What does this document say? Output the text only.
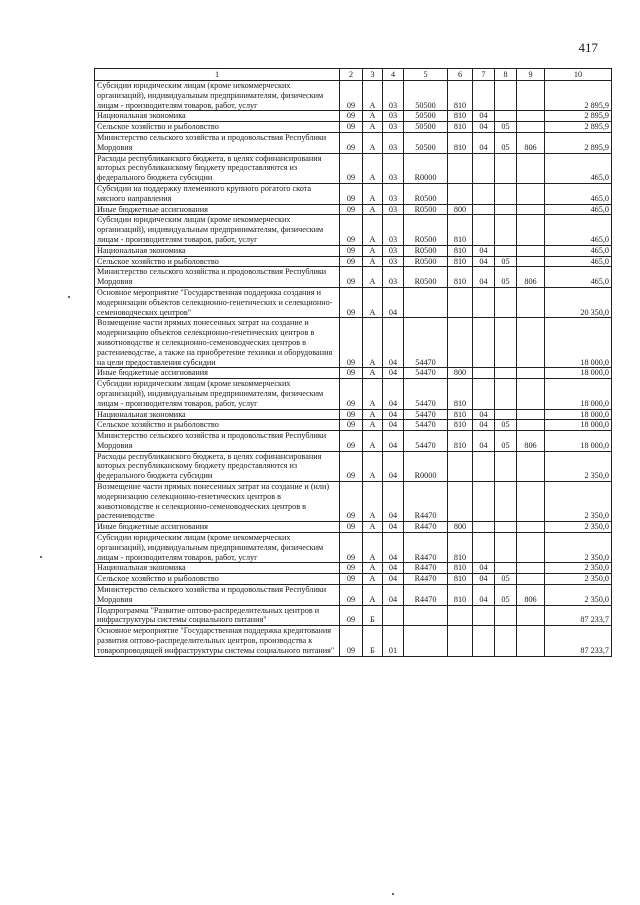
417
1	2	3	4	5	6	7	8	9	10
Субсидии юридическим лицам (кроме некоммерческих организаций), индивидуальным предпринимателям, физическим лицам - производителям товаров, работ, услуг	09	А	03	50500	810				2 895,9
Национальная экономика	09	А	03	50500	810	04			2 895,9
Сельское хозяйство и рыболовство	09	А	03	50500	810	04	05		2 895,9
Министерство сельского хозяйства и продовольствия Республики Мордовия	09	А	03	50500	810	04	05	806	2 895,9
Расходы республиканского бюджета, в целях софинансирования которых республиканскому бюджету предоставляются из федерального бюджета субсидии	09	А	03	R0000					465,0
Субсидии на поддержку племенного крупного рогатого скота мясного направления	09	А	03	R0500					465,0
Иные бюджетные ассигнования	09	А	03	R0500	800				465,0
Субсидии юридическим лицам (кроме некоммерческих организаций), индивидуальным предпринимателям, физическим лицам - производителям товаров, работ, услуг	09	А	03	R0500	810				465,0
Национальная экономика	09	А	03	R0500	810	04			465,0
Сельское хозяйство и рыболовство	09	А	03	R0500	810	04	05		465,0
Министерство сельского хозяйства и продовольствия Республики Мордовия	09	А	03	R0500	810	04	05	806	465,0
Основное мероприятие "Государственная поддержка создания и модернизации объектов селекционно-генетических и селекционно-семеноводческих центров"	09	А	04						20 350,0
Возмещение части прямых понесенных затрат на создание и модернизацию объектов селекционно-генетических центров в животноводстве и селекционно-семеноводческих центров в растениеводстве, а также на приобретение техники и оборудования на цели предоставления субсидии	09	А	04	54470					18 000,0
Иные бюджетные ассигнования	09	А	04	54470	800				18 000,0
Субсидии юридическим лицам (кроме некоммерческих организаций), индивидуальным предпринимателям, физическим лицам - производителям товаров, работ, услуг	09	А	04	54470	810				18 000,0
Национальная экономика	09	А	04	54470	810	04			18 000,0
Сельское хозяйство и рыболовство	09	А	04	54470	810	04	05		18 000,0
Министерство сельского хозяйства и продовольствия Республики Мордовия	09	А	04	54470	810	04	05	806	18 000,0
Расходы республиканского бюджета, в целях софинансирования которых республиканскому бюджету предоставляются из федерального бюджета субсидии	09	А	04	R0000					2 350,0
Возмещение части прямых понесенных затрат на создание и (или) модернизацию селекционно-генетических центров в животноводстве и селекционно-семеноводческих центров в растениеводстве	09	А	04	R4470					2 350,0
Иные бюджетные ассигнования	09	А	04	R4470	800				2 350,0
Субсидии юридическим лицам (кроме некоммерческих организаций), индивидуальным предпринимателям, физическим лицам - производителям товаров, работ, услуг	09	А	04	R4470	810				2 350,0
Национальная экономика	09	А	04	R4470	810	04			2 350,0
Сельское хозяйство и рыболовство	09	А	04	R4470	810	04	05		2 350,0
Министерство сельского хозяйства и продовольствия Республики Мордовия	09	А	04	R4470	810	04	05	806	2 350,0
Подпрограмма "Развитие оптово-распределительных центров и инфраструктуры системы социального питания"	09	Б							87 233,7
Основное мероприятие "Государственная поддержка кредитования развития оптово-распределительных центров, производства к товаропроводящей инфраструктуры системы социального питания"	09	Б	01						87 233,7
